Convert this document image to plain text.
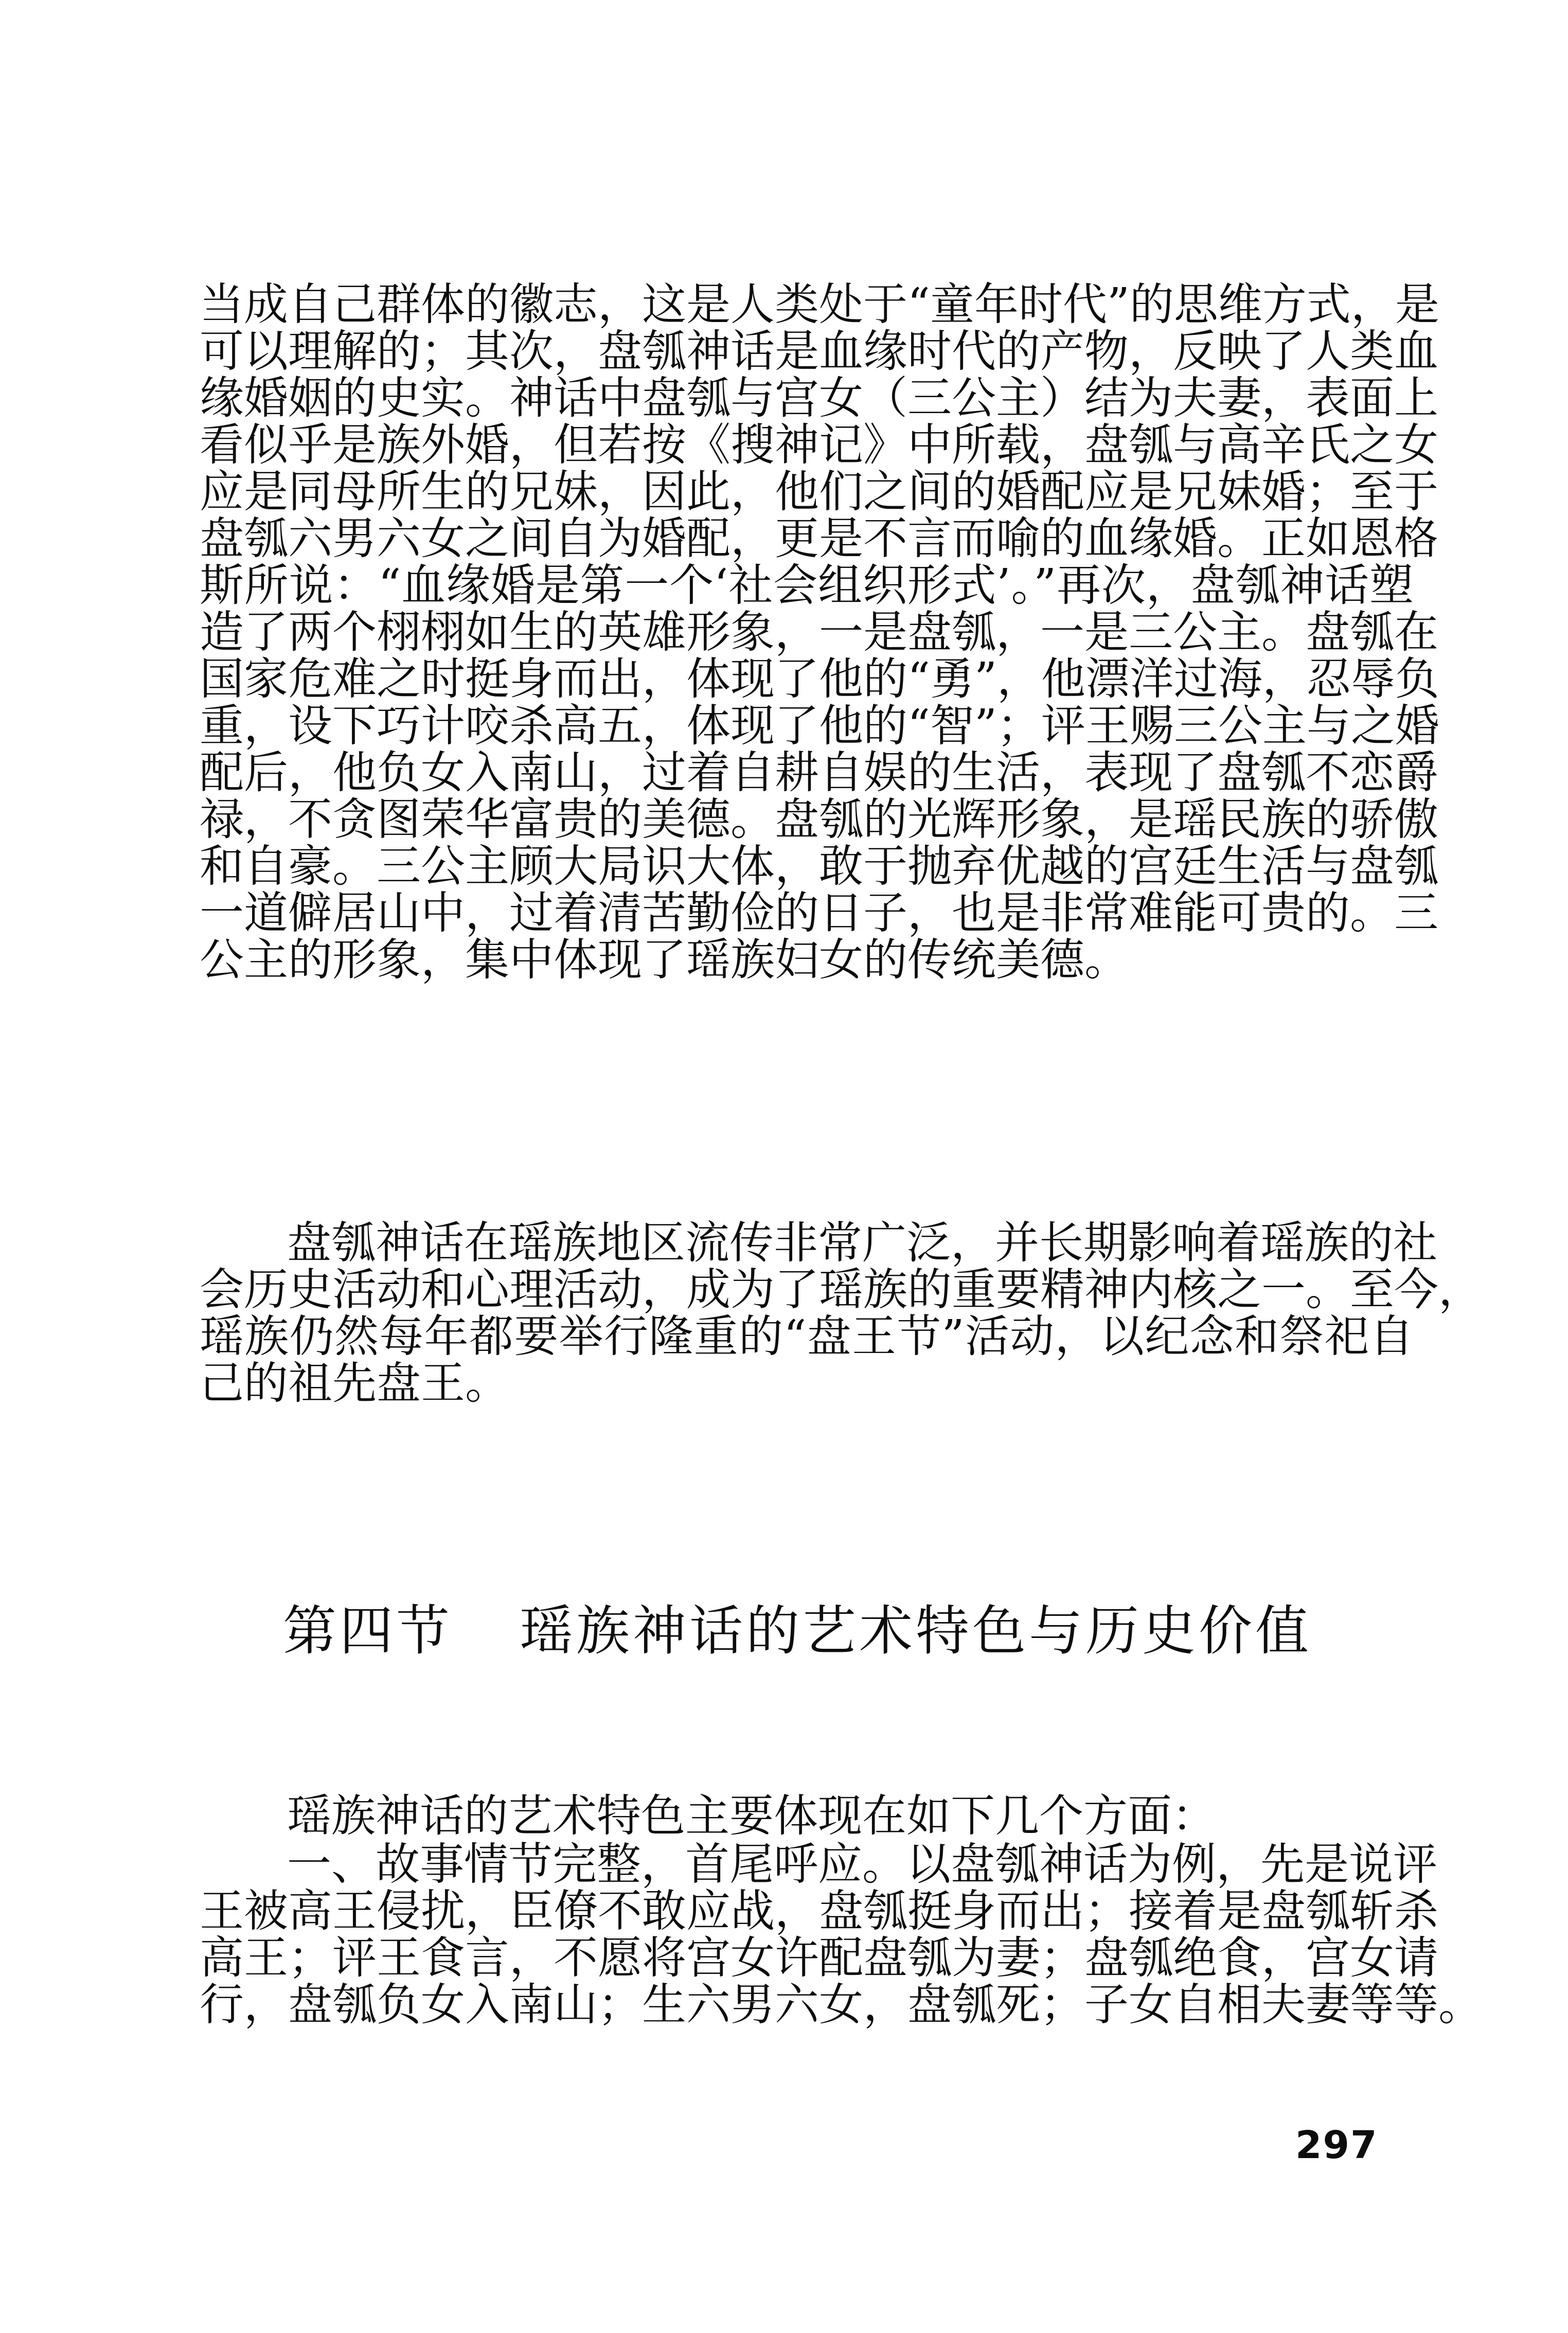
当成自己群体的徽志，这是人类处于“童年时代”的思维方式，是
可以理解的；其次，盘瓠神话是血缘时代的产物，反映了人类血
缘婚姻的史实。神话中盘瓠与宫女（三公主）结为夫妻，表面上
看似乎是族外婚，但若按《搜神记》中所载，盘瓠与高辛氏之女
应是同母所生的兄妹，因此，他们之间的婚配应是兄妹婚；至于
盘瓠六男六女之间自为婚配，更是不言而喻的血缘婚。正如恩格
斯所说：“血缘婚是第一个‘社会组织形式’。”再次，盘瓠神话塑
造了两个栩栩如生的英雄形象，一是盘瓠，一是三公主。盘瓠在
国家危难之时挺身而出，体现了他的“勇”，他漂洋过海，忍辱负
重，设下巧计咬杀高五，体现了他的“智”；评王赐三公主与之婚
配后，他负女入南山，过着自耕自娱的生活，表现了盘瓠不恋爵
禄，不贪图荣华富贵的美德。盘瓠的光辉形象，是瑶民族的骄傲
和自豪。三公主顾大局识大体，敢于抛弃优越的宫廷生活与盘瓠
一道僻居山中，过着清苦勤俭的日子，也是非常难能可贵的。三
公主的形象，集中体现了瑶族妇女的传统美德。
盘瓠神话在瑶族地区流传非常广泛，并长期影响着瑶族的社
会历史活动和心理活动，成为了瑶族的重要精神内核之一。至今，
瑶族仍然每年都要举行隆重的“盘王节”活动，以纪念和祭祀自
己的祖先盘王。
第四节 瑶族神话的艺术特色与历史价值
瑶族神话的艺术特色主要体现在如下几个方面：
一、故事情节完整，首尾呼应。以盘瓠神话为例，先是说评
王被高王侵扰，臣僚不敢应战，盘瓠挺身而出；接着是盘瓠斩杀
高王；评王食言，不愿将宫女许配盘瓠为妻；盘瓠绝食，宫女请
行，盘瓠负女入南山；生六男六女，盘瓠死；子女自相夫妻等等。
297
